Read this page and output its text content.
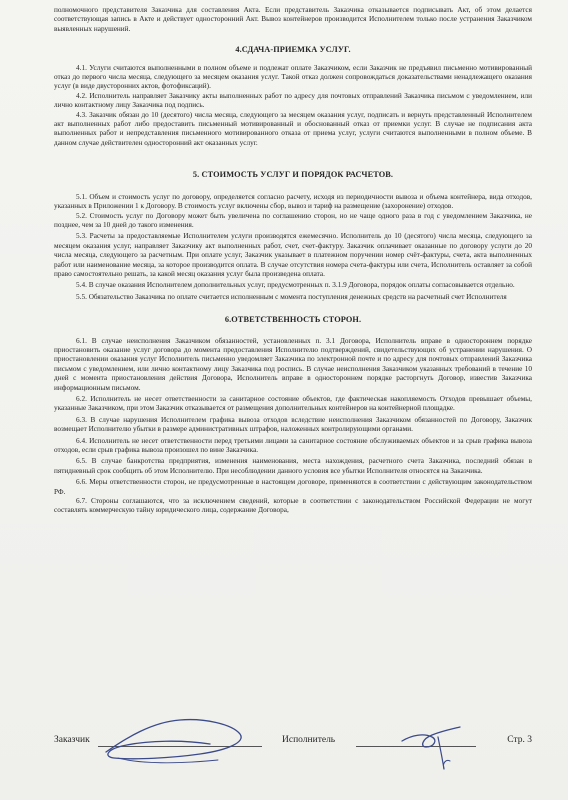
полномочного представителя Заказчика для составления Акта. Если представитель Заказчика отказывается подписывать Акт, об этом делается соответствующая запись в Акте и действует односторонний Акт. Вывоз контейнеров производится Исполнителем только после устранения Заказчиком выявленных нарушений.

4.СДАЧА-ПРИЕМКА УСЛУГ.

4.1. Услуги считаются выполненными в полном объеме и подлежат оплате Заказчиком, если Заказчик не предъявил письменно мотивированный отказ до первого числа месяца, следующего за месяцем оказания услуг. Такой отказ должен сопровождаться доказательствами ненадлежащего оказания услуг (в виде двусторонних актов, фотофиксаций).

4.2. Исполнитель направляет Заказчику акты выполненных работ по адресу для почтовых отправлений Заказчика письмом с уведомлением, или лично контактному лицу Заказчика под подпись.

4.3. Заказчик обязан до 10 (десятого) числа месяца, следующего за месяцем оказания услуг, подписать и вернуть представленный Исполнителем акт выполненных работ либо предоставить письменный мотивированный и обоснованный отказ от приемки услуг. В случае не подписания акта выполненных работ и непредставления письменного мотивированного отказа от приема услуг, услуги считаются выполненными в полном объеме. В данном случае действителен односторонний акт оказанных услуг.

5. СТОИМОСТЬ УСЛУГ И ПОРЯДОК РАСЧЕТОВ.

5.1. Объем и стоимость услуг по договору, определяется согласно расчету, исходя из периодичности вывоза и объема контейнера, вида отходов, указанных в Приложении 1 к Договору. В стоимость услуг включены сбор, вывоз и тариф на размещение (захоронение) отходов.

5.2. Стоимость услуг по Договору может быть увеличена по соглашению сторон, но не чаще одного раза в год с уведомлением Заказчика, не позднее, чем за 10 дней до такого изменения.

5.3. Расчеты за предоставляемые Исполнителем услуги производятся ежемесячно. Исполнитель до 10 (десятого) числа месяца, следующего за месяцем оказания услуг, направляет Заказчику акт выполненных работ, счет, счет-фактуру. Заказчик оплачивает оказанные по договору услуги до 20 числа месяца, следующего за расчетным. При оплате услуг, Заказчик указывает в платежном поручении номер счёт-фактуры, счета, акта выполненных работ или наименование месяца, за которое производится оплата. В случае отсутствия номера счета-фактуры или счета, Исполнитель оставляет за собой право самостоятельно решать, за какой месяц оказания услуг была произведена оплата.

5.4. В случае оказания Исполнителем дополнительных услуг, предусмотренных п. 3.1.9 Договора, порядок оплаты согласовывается отдельно.

5.5. Обязательство Заказчика по оплате считается исполненным с момента поступления денежных средств на расчетный счет Исполнителя

6.ОТВЕТСТВЕННОСТЬ СТОРОН.

6.1. В случае неисполнения Заказчиком обязанностей, установленных п. 3.1 Договора, Исполнитель вправе в одностороннем порядке приостановить оказание услуг договора до момента предоставления Исполнителю подтверждений, свидетельствующих об устранении нарушения. О приостановлении оказания услуг Исполнитель письменно уведомляет Заказчика по электронной почте и по адресу для почтовых отправлений Заказчика письмом с уведомлением, или лично контактному лицу Заказчика под роспись. В случае неисполнения Заказчиком указанных требований в течение 10 дней с момента приостановления действия Договора, Исполнитель вправе в одностороннем порядке расторгнуть Договор, известив Заказчика информационным письмом.

6.2. Исполнитель не несет ответственности за санитарное состояние объектов, где фактическая накопляемость Отходов превышает объемы, указанные Заказчиком, при этом Заказчик отказывается от размещения дополнительных контейнеров на контейнерной площадке.

6.3. В случае нарушения Исполнителем графика вывоза отходов вследствие неисполнения Заказчиком обязанностей по Договору, Заказчик возмещает Исполнителю убытки в размере административных штрафов, наложенных контролирующими органами.

6.4. Исполнитель не несет ответственности перед третьими лицами за санитарное состояние обслуживаемых объектов и за срыв графика вывоза отходов, если срыв графика вывоза произошел по вине Заказчика.

6.5. В случае банкротства предприятия, изменения наименования, места нахождения, расчетного счета Заказчика, последний обязан в пятидневный срок сообщить об этом Исполнителю. При несоблюдении данного условия все убытки Исполнителя относятся на Заказчика.

6.6. Меры ответственности сторон, не предусмотренные в настоящем договоре, применяются в соответствии с действующим законодательством РФ.

6.7. Стороны соглашаются, что за исключением сведений, которые в соответствии с законодательством Российской Федерации не могут составлять коммерческую тайну юридического лица, содержание Договора,

Заказчик	Исполнитель	Стр. 3
